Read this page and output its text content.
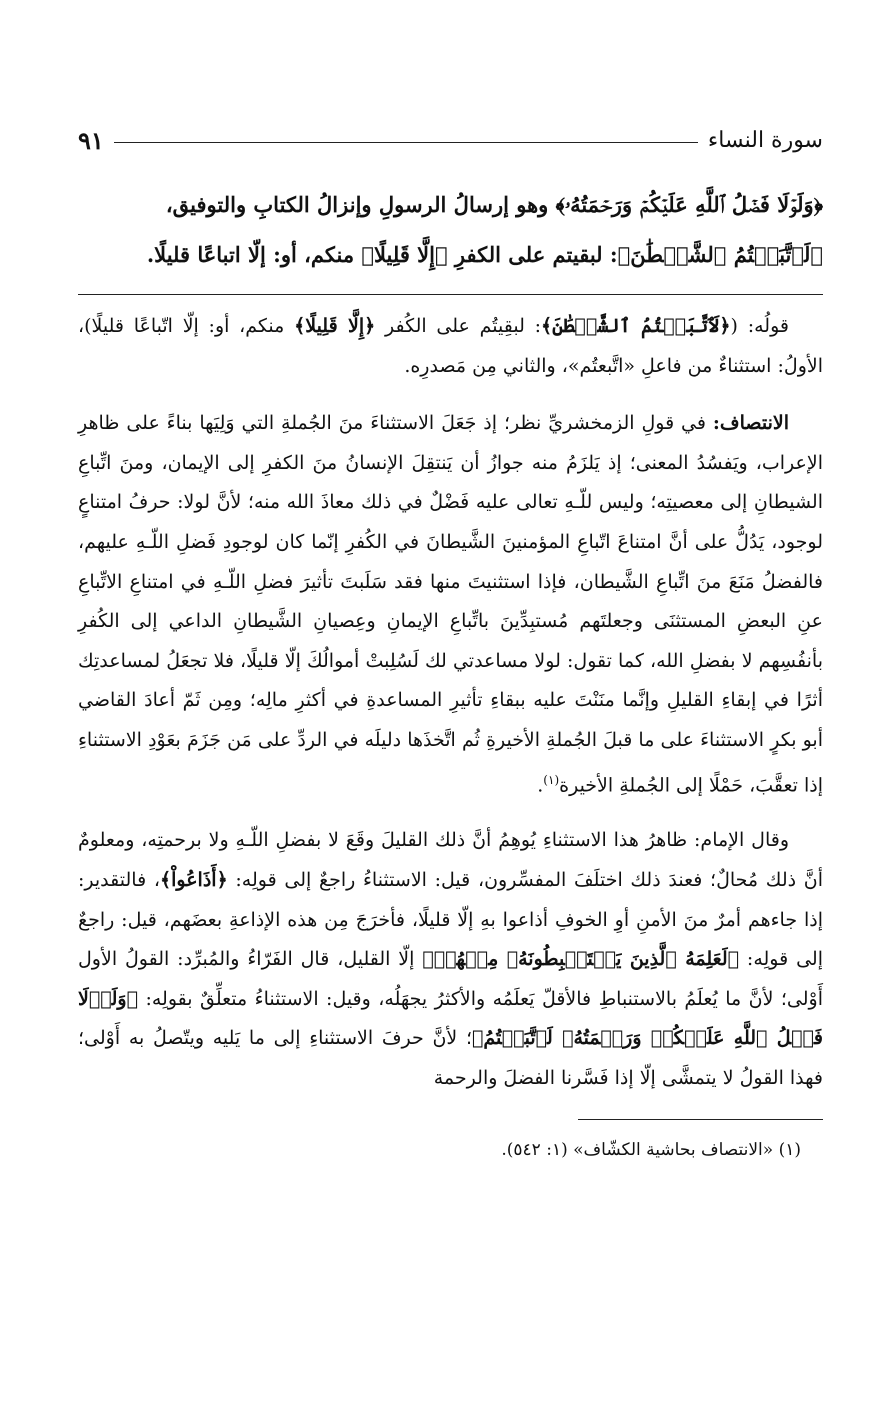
سورة النساء
٩١

﴿وَلَوۡلَا فَضۡلُ ٱللَّهِ عَلَيۡكُمۡ وَرَحۡمَتُهُۥ﴾ وهو إرسالُ الرسولِ وإنزالُ الكتابِ والتوفيق،

﴿لَٱتَّبَعۡتُمُ ٱلشَّيۡطَٰنَ﴾: لبقيتم على الكفرِ ﴿إِلَّا قَلِيلًا﴾ منكم، أو: إلّا اتباعًا قليلًا.

قولُه: (﴿لَٱتَّبَعۡتُمُ ٱلشَّيۡطَٰنَ﴾: لبقِيتُم على الكُفر ﴿إِلَّا قَلِيلًا﴾ منكم، أو: إلّا اتّباعًا قليلًا)، الأولُ: استثناءٌ من فاعلِ «اتَّبعتُم»، والثاني مِن مَصدرِه.

الانتصاف: في قولِ الزمخشريِّ نظر؛ إذ جَعَلَ الاستثناءَ منَ الجُملةِ التي وَلِيَها بناءً على ظاهرِ الإعراب، ويَفسُدُ المعنى؛ إذ يَلزَمُ منه جوازُ أن يَنتقِلَ الإنسانُ منَ الكفرِ إلى الإيمان، ومنَ اتِّباعِ الشيطانِ إلى معصيتِه؛ وليس للّـهِ تعالى عليه فَضْلٌ في ذلك معاذَ الله منه؛ لأنَّ لولا: حرفُ امتناعٍ لوجود، يَدُلُّ على أنَّ امتناعَ اتّباعِ المؤمنينَ الشَّيطانَ في الكُفرِ إنّما كان لوجودِ فَضلِ اللّـهِ عليهم، فالفضلُ مَنَعَ منَ اتِّباعِ الشَّيطان، فإذا استثنيتَ منها فقد سَلَبتَ تأثيرَ فضلِ اللّـهِ في امتناعِ الاتِّباعِ عنِ البعضِ المستثنَى وجعلتَهم مُستبِدِّينَ باتِّباعِ الإيمانِ وعِصيانِ الشَّيطانِ الداعي إلى الكُفرِ بأنفُسِهم لا بفضلِ الله، كما تقول: لولا مساعدتي لك لَسُلِبتْ أموالُكَ إلّا قليلًا، فلا تجعَلُ لمساعدتِك أثرًا في إبقاءِ القليلِ وإنَّما منَنْتَ عليه ببقاءِ تأثيرِ المساعدةِ في أكثرِ مالِه؛ ومِن ثَمّ أعادَ القاضي أبو بكرٍ الاستثناءَ على ما قبلَ الجُملةِ الأخيرةِ ثُم اتَّخذَها دليلَه في الردِّ على مَن جَزَمَ بعَوْدِ الاستثناءِ إذا تعقَّبَ، حَمْلًا إلى الجُملةِ الأخيرة$^{(١)}$.

وقال الإمام: ظاهرُ هذا الاستثناءِ يُوهِمُ أنَّ ذلك القليلَ وقَعَ لا بفضلِ اللّـهِ ولا برحمتِه، ومعلومٌ أنَّ ذلك مُحالٌ؛ فعندَ ذلك اختلَفَ المفسِّرون، قيل: الاستثناءُ راجعٌ إلى قولِه: ﴿أَذَاعُواْ﴾، فالتقدير: إذا جاءهم أمرٌ منَ الأمنِ أوِ الخوفِ أذاعوا بهِ إلّا قليلًا، فأخرَجَ مِن هذه الإذاعةِ بعضَهم، قيل: راجعٌ إلى قولِه: ﴿لَعَلِمَهُ ٱلَّذِينَ يَسۡتَنۢبِطُونَهُۥ مِنۡهُمۡ﴾ إلّا القليل، قال الفَرّاءُ والمُبرِّد: القولُ الأول أَوْلى؛ لأنَّ ما يُعلَمُ بالاستنباطِ فالأقلّ يَعلَمُه والأكثرُ يجهَلُه، وقيل: الاستثناءُ متعلِّقٌ بقولِه: ﴿وَلَوۡلَا فَضۡلُ ٱللَّهِ عَلَيۡكُمۡ وَرَحۡمَتُهُۥ لَٱتَّبَعۡتُمُ﴾؛ لأنَّ حرفَ الاستثناءِ إلى ما يَليه ويتّصلُ به أَوْلى؛ فهذا القولُ لا يتمشَّى إلّا إذا فَسَّرنا الفضلَ والرحمة

(١) «الانتصاف بحاشية الكشّاف» (١: ٥٤٢).
